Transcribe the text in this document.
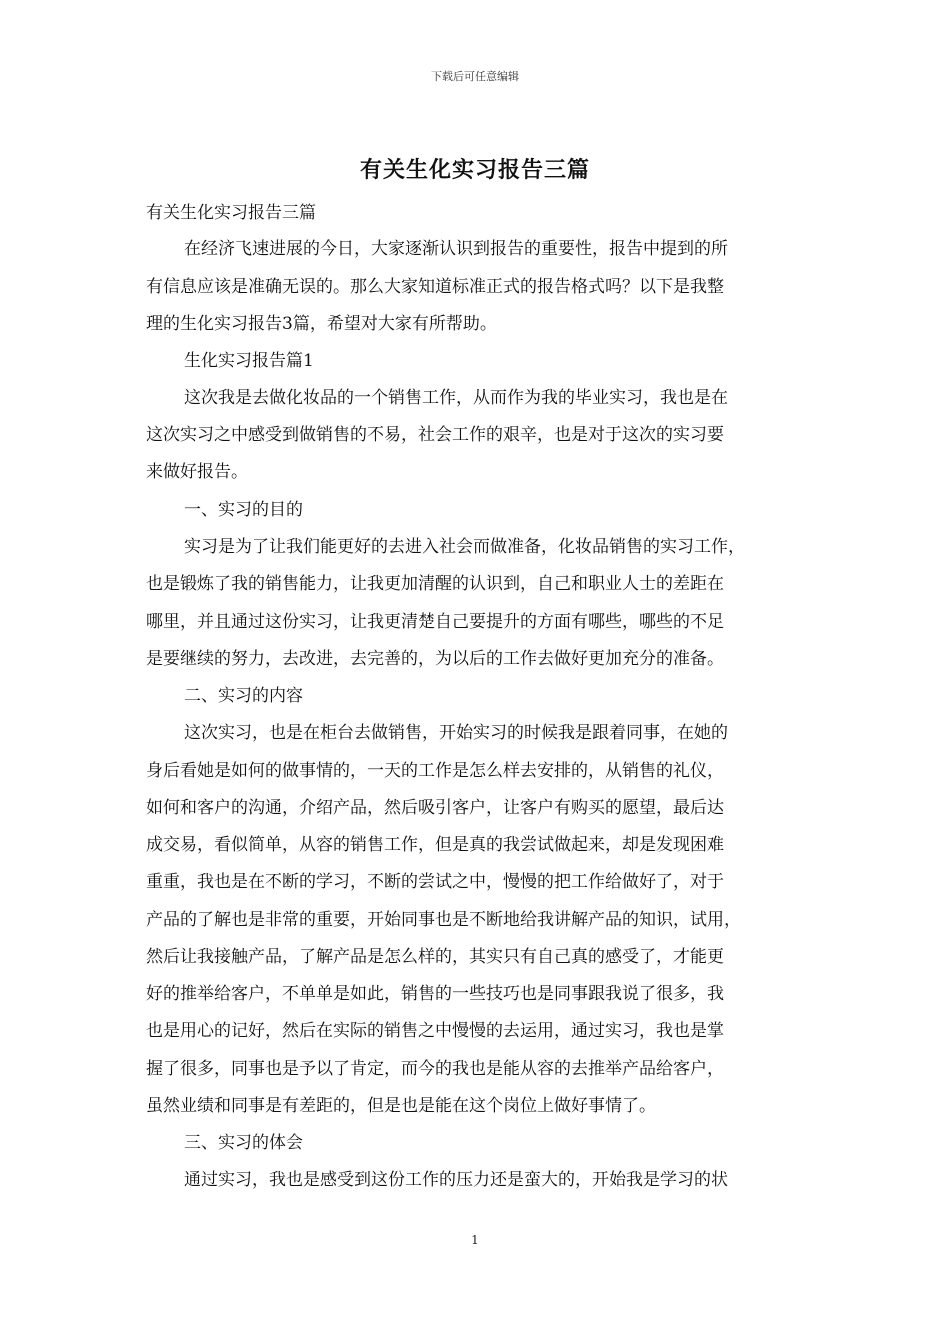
下载后可任意编辑
有关生化实习报告三篇
有关生化实习报告三篇
在经济飞速进展的今日，大家逐渐认识到报告的重要性，报告中提到的所
有信息应该是准确无误的。那么大家知道标准正式的报告格式吗？以下是我整
理的生化实习报告3篇，希望对大家有所帮助。
生化实习报告篇1
这次我是去做化妆品的一个销售工作，从而作为我的毕业实习，我也是在
这次实习之中感受到做销售的不易，社会工作的艰辛，也是对于这次的实习要
来做好报告。
一、实习的目的
实习是为了让我们能更好的去进入社会而做准备，化妆品销售的实习工作，
也是锻炼了我的销售能力，让我更加清醒的认识到，自己和职业人士的差距在
哪里，并且通过这份实习，让我更清楚自己要提升的方面有哪些，哪些的不足
是要继续的努力，去改进，去完善的，为以后的工作去做好更加充分的准备。
二、实习的内容
这次实习，也是在柜台去做销售，开始实习的时候我是跟着同事，在她的
身后看她是如何的做事情的，一天的工作是怎么样去安排的，从销售的礼仪，
如何和客户的沟通，介绍产品，然后吸引客户，让客户有购买的愿望，最后达
成交易，看似简单，从容的销售工作，但是真的我尝试做起来，却是发现困难
重重，我也是在不断的学习，不断的尝试之中，慢慢的把工作给做好了，对于
产品的了解也是非常的重要，开始同事也是不断地给我讲解产品的知识，试用，
然后让我接触产品，了解产品是怎么样的，其实只有自己真的感受了，才能更
好的推举给客户，不单单是如此，销售的一些技巧也是同事跟我说了很多，我
也是用心的记好，然后在实际的销售之中慢慢的去运用，通过实习，我也是掌
握了很多，同事也是予以了肯定，而今的我也是能从容的去推举产品给客户，
虽然业绩和同事是有差距的，但是也是能在这个岗位上做好事情了。
三、实习的体会
通过实习，我也是感受到这份工作的压力还是蛮大的，开始我是学习的状
1
